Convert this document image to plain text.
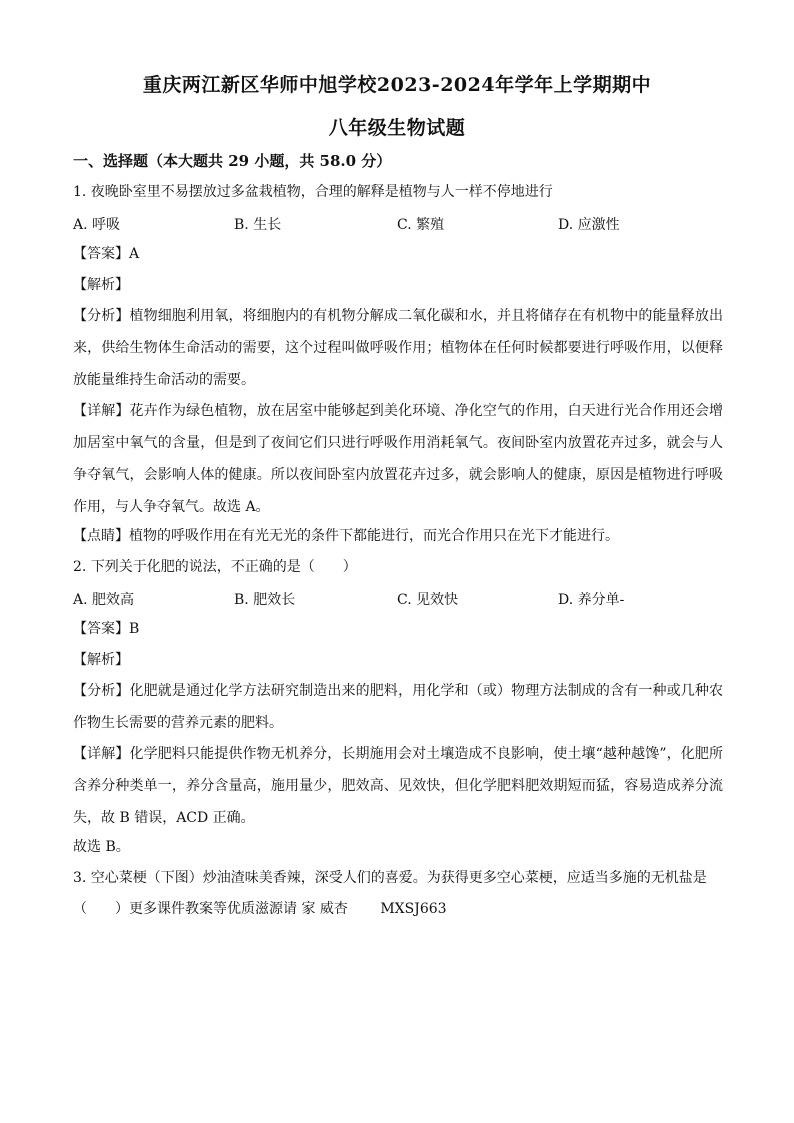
重庆两江新区华师中旭学校2023-2024年学年上学期期中
八年级生物试题
一、选择题（本大题共 29 小题，共 58.0 分）
1. 夜晚卧室里不易摆放过多盆栽植物，合理的解释是植物与人一样不停地进行
A. 呼吸	B. 生长	C. 繁殖	D. 应激性
【答案】A
【解析】
【分析】植物细胞利用氧，将细胞内的有机物分解成二氧化碳和水，并且将储存在有机物中的能量释放出来，供给生物体生命活动的需要，这个过程叫做呼吸作用；植物体在任何时候都要进行呼吸作用，以便释放能量维持生命活动的需要。
【详解】花卉作为绿色植物，放在居室中能够起到美化环境、净化空气的作用，白天进行光合作用还会增加居室中氧气的含量，但是到了夜间它们只进行呼吸作用消耗氧气。夜间卧室内放置花卉过多，就会与人争夺氧气，会影响人体的健康。所以夜间卧室内放置花卉过多，就会影响人的健康，原因是植物进行呼吸作用，与人争夺氧气。故选 A。
【点睛】植物的呼吸作用在有光无光的条件下都能进行，而光合作用只在光下才能进行。
2. 下列关于化肥的说法，不正确的是（　　）
A. 肥效高	B. 肥效长	C. 见效快	D. 养分单-
【答案】B
【解析】
【分析】化肥就是通过化学方法研究制造出来的肥料，用化学和（或）物理方法制成的含有一种或几种农作物生长需要的营养元素的肥料。
【详解】化学肥料只能提供作物无机养分，长期施用会对土壤造成不良影响，使土壤“越种越馋”，化肥所含养分种类单一，养分含量高，施用量少，肥效高、见效快，但化学肥料肥效期短而猛，容易造成养分流失，故 B 错误，ACD 正确。
故选 B。
3. 空心菜梗（下图）炒油渣味美香辣，深受人们的喜爱。为获得更多空心菜梗，应适当多施的无机盐是
（　　）更多课件教案等优质滋源请 家 威杏　　 MXSJ663
